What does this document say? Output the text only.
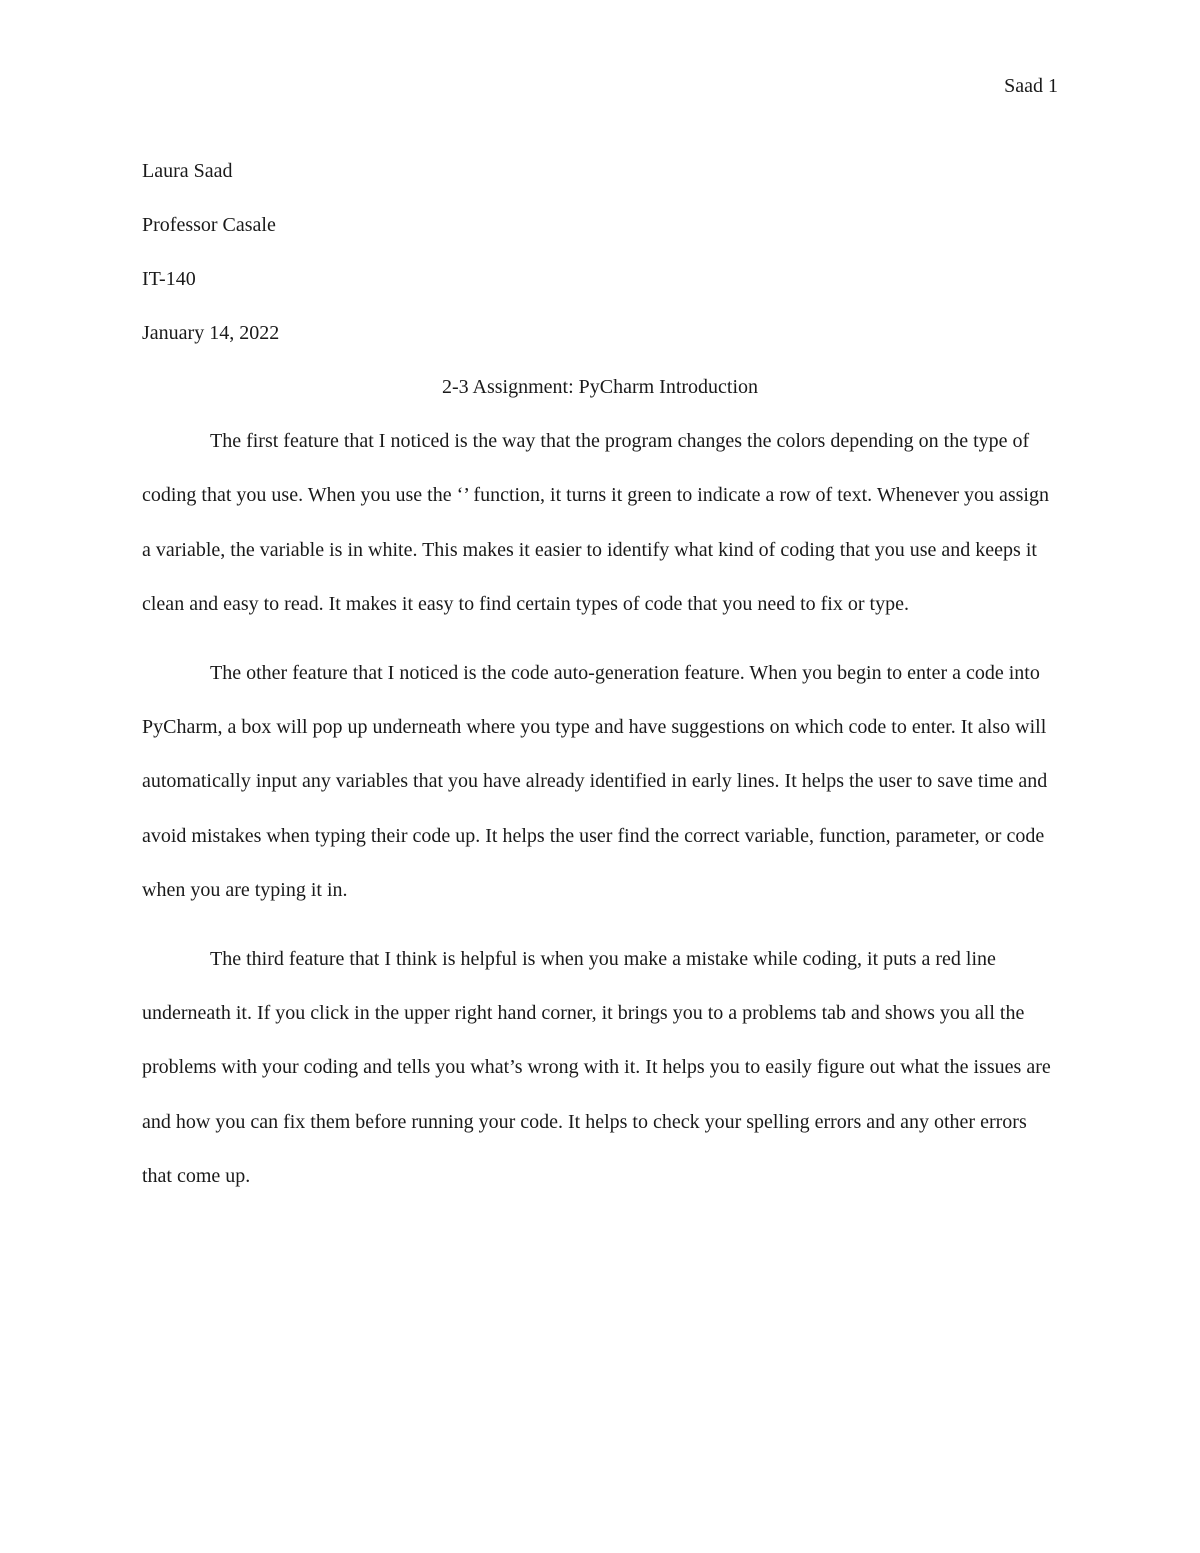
Saad 1
Laura Saad
Professor Casale
IT-140
January 14, 2022
2-3 Assignment: PyCharm Introduction

The first feature that I noticed is the way that the program changes the colors depending on the type of coding that you use. When you use the ‘’ function, it turns it green to indicate a row of text. Whenever you assign a variable, the variable is in white. This makes it easier to identify what kind of coding that you use and keeps it clean and easy to read. It makes it easy to find certain types of code that you need to fix or type.

The other feature that I noticed is the code auto-generation feature. When you begin to enter a code into PyCharm, a box will pop up underneath where you type and have suggestions on which code to enter. It also will automatically input any variables that you have already identified in early lines. It helps the user to save time and avoid mistakes when typing their code up. It helps the user find the correct variable, function, parameter, or code when you are typing it in.

The third feature that I think is helpful is when you make a mistake while coding, it puts a red line underneath it. If you click in the upper right hand corner, it brings you to a problems tab and shows you all the problems with your coding and tells you what’s wrong with it. It helps you to easily figure out what the issues are and how you can fix them before running your code. It helps to check your spelling errors and any other errors that come up.
